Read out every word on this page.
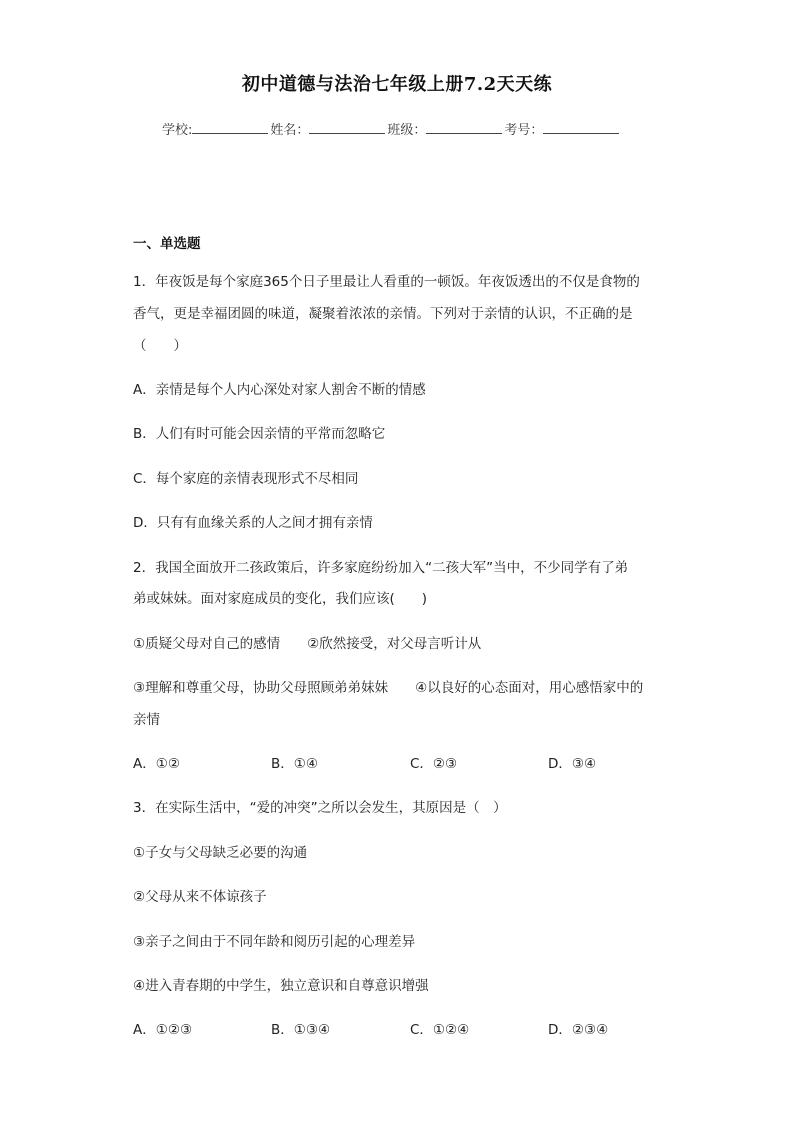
初中道德与法治七年级上册7.2天天练
学校:	姓名：	班级：	考号：
一、单选题
1．年夜饭是每个家庭365个日子里最让人看重的一顿饭。年夜饭透出的不仅是食物的
香气，更是幸福团圆的味道，凝聚着浓浓的亲情。下列对于亲情的认识，不正确的是
（　　）
A．亲情是每个人内心深处对家人割舍不断的情感
B．人们有时可能会因亲情的平常而忽略它
C．每个家庭的亲情表现形式不尽相同
D．只有有血缘关系的人之间才拥有亲情
2．我国全面放开二孩政策后，许多家庭纷纷加入“二孩大军”当中，不少同学有了弟
弟或妹妹。面对家庭成员的变化，我们应该(　　)
①质疑父母对自己的感情　　②欣然接受，对父母言听计从
③理解和尊重父母，协助父母照顾弟弟妹妹　　④以良好的心态面对，用心感悟家中的
亲情
A．①②	B．①④	C．②③	D．③④
3．在实际生活中，“爱的冲突”之所以会发生，其原因是（　）
①子女与父母缺乏必要的沟通
②父母从来不体谅孩子
③亲子之间由于不同年龄和阅历引起的心理差异
④进入青春期的中学生，独立意识和自尊意识增强
A．①②③	B．①③④	C．①②④	D．②③④
